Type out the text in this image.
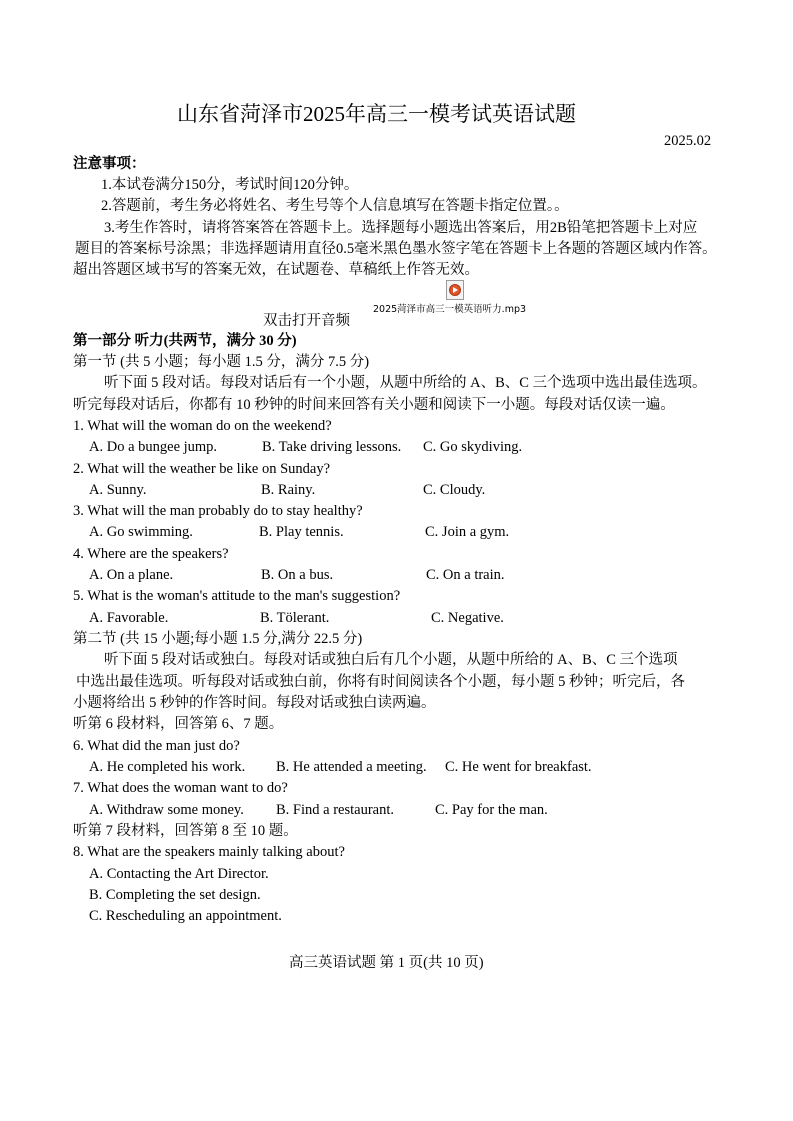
山东省菏泽市2025年高三一模考试英语试题
2025.02
注意事项：
1.本试卷满分150分，考试时间120分钟。
2.答题前，考生务必将姓名、考生号等个人信息填写在答题卡指定位置。。
3.考生作答时，请将答案答在答题卡上。选择题每小题选出答案后，用2B铅笔把答题卡上对应
题目的答案标号涂黑；非选择题请用直径0.5毫米黑色墨水签字笔在答题卡上各题的答题区域内作答。
超出答题区域书写的答案无效，在试题卷、草稿纸上作答无效。
2025菏泽市高三一模英语听力.mp3
双击打开音频
第一部分 听力(共两节，满分 30 分)
第一节 (共 5 小题；每小题 1.5 分，满分 7.5 分)
听下面 5 段对话。每段对话后有一个小题，从题中所给的 A、B、C 三个选项中选出最佳选项。
听完每段对话后，你都有 10 秒钟的时间来回答有关小题和阅读下一小题。每段对话仅读一遍。
1. What will the woman do on the weekend?
A. Do a bungee jump.	B. Take driving lessons. C. Go skydiving.
2. What will the weather be like on Sunday?
A. Sunny.	B. Rainy.	C. Cloudy.
3. What will the man probably do to stay healthy?
A. Go swimming.	B. Play tennis.	C. Join a gym.
4. Where are the speakers?
A. On a plane.	B. On a bus.	C. On a train.
5. What is the woman's attitude to the man's suggestion?
A. Favorable.	B. Tölerant.	C. Negative.
第二节 (共 15 小题;每小题 1.5 分,满分 22.5 分)
听下面 5 段对话或独白。每段对话或独白后有几个小题，从题中所给的 A、B、C 三个选项
中选出最佳选项。听每段对话或独白前，你将有时间阅读各个小题，每小题 5 秒钟；听完后，各
小题将给出 5 秒钟的作答时间。每段对话或独白读两遍。
听第 6 段材料，回答第 6、7 题。
6. What did the man just do?
A. He completed his work. B. He attended a meeting. C. He went for breakfast.
7. What does the woman want to do?
A. Withdraw some money. B. Find a restaurant.	C. Pay for the man.
听第 7 段材料，回答第 8 至 10 题。
8. What are the speakers mainly talking about?
A. Contacting the Art Director.
B. Completing the set design.
C. Rescheduling an appointment.
高三英语试题 第 1 页(共 10 页)
